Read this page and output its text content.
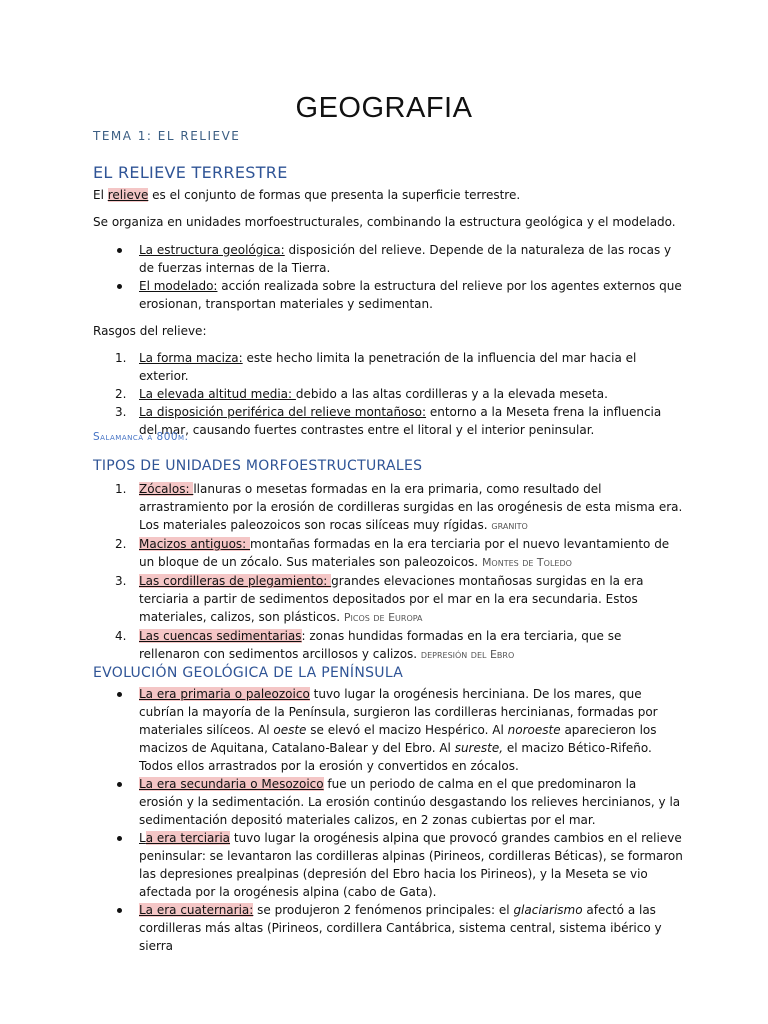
GEOGRAFIA
TEMA 1: EL RELIEVE
EL RELIEVE TERRESTRE
El relieve es el conjunto de formas que presenta la superficie terrestre.
Se organiza en unidades morfoestructurales, combinando la estructura geológica y el modelado.
La estructura geológica: disposición del relieve. Depende de la naturaleza de las rocas y de fuerzas internas de la Tierra.
El modelado: acción realizada sobre la estructura del relieve por los agentes externos que erosionan, transportan materiales y sedimentan.
Rasgos del relieve:
1.	La forma maciza: este hecho limita la penetración de la influencia del mar hacia el exterior.
2.	La elevada altitud media: debido a las altas cordilleras y a la elevada meseta.
3.	La disposición periférica del relieve montañoso: entorno a la Meseta frena la influencia del mar, causando fuertes contrastes entre el litoral y el interior peninsular.
Salamanca a 800m.
TIPOS DE UNIDADES MORFOESTRUCTURALES
1.	Zócalos: llanuras o mesetas formadas en la era primaria, como resultado del arrastramiento por la erosión de cordilleras surgidas en las orogénesis de esta misma era. Los materiales paleozoicos son rocas silíceas muy rígidas. granito
2.	Macizos antiguos: montañas formadas en la era terciaria por el nuevo levantamiento de un bloque de un zócalo. Sus materiales son paleozoicos. Montes de Toledo
3.	Las cordilleras de plegamiento: grandes elevaciones montañosas surgidas en la era terciaria a partir de sedimentos depositados por el mar en la era secundaria. Estos materiales, calizos, son plásticos. Picos de Europa
4.	Las cuencas sedimentarias: zonas hundidas formadas en la era terciaria, que se rellenaron con sedimentos arcillosos y calizos. depresión del Ebro
EVOLUCIÓN GEOLÓGICA DE LA PENÍNSULA
La era primaria o paleozoico tuvo lugar la orogénesis herciniana. De los mares, que cubrían la mayoría de la Península, surgieron las cordilleras hercinianas, formadas por materiales silíceos. Al oeste se elevó el macizo Hespérico. Al noroeste aparecieron los macizos de Aquitana, Catalano-Balear y del Ebro. Al sureste, el macizo Bético-Rifeño. Todos ellos arrastrados por la erosión y convertidos en zócalos.
La era secundaria o Mesozoico fue un periodo de calma en el que predominaron la erosión y la sedimentación. La erosión continúo desgastando los relieves hercinianos, y la sedimentación depositó materiales calizos, en 2 zonas cubiertas por el mar.
La era terciaria tuvo lugar la orogénesis alpina que provocó grandes cambios en el relieve peninsular: se levantaron las cordilleras alpinas (Pirineos, cordilleras Béticas), se formaron las depresiones prealpinas (depresión del Ebro hacia los Pirineos), y la Meseta se vio afectada por la orogénesis alpina (cabo de Gata).
La era cuaternaria: se produjeron 2 fenómenos principales: el glaciarismo afectó a las cordilleras más altas (Pirineos, cordillera Cantábrica, sistema central, sistema ibérico y sierra
